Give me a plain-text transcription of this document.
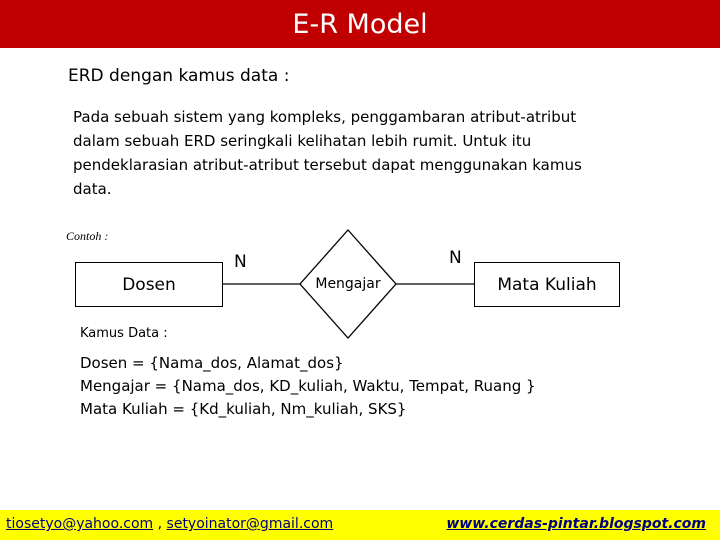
E-R Model
ERD dengan kamus data :
Pada sebuah sistem yang kompleks, penggambaran atribut-atribut
dalam sebuah ERD seringkali kelihatan lebih rumit. Untuk itu
pendeklarasian atribut-atribut tersebut dapat menggunakan kamus
data.
Contoh :
Dosen	Mengajar	Mata Kuliah
N	N
Kamus Data :
Dosen = {Nama_dos, Alamat_dos}
Mengajar = {Nama_dos, KD_kuliah, Waktu, Tempat, Ruang }
Mata Kuliah = {Kd_kuliah, Nm_kuliah, SKS}
tiosetyo@yahoo.com , setyoinator@gmail.com	www.cerdas-pintar.blogspot.com
